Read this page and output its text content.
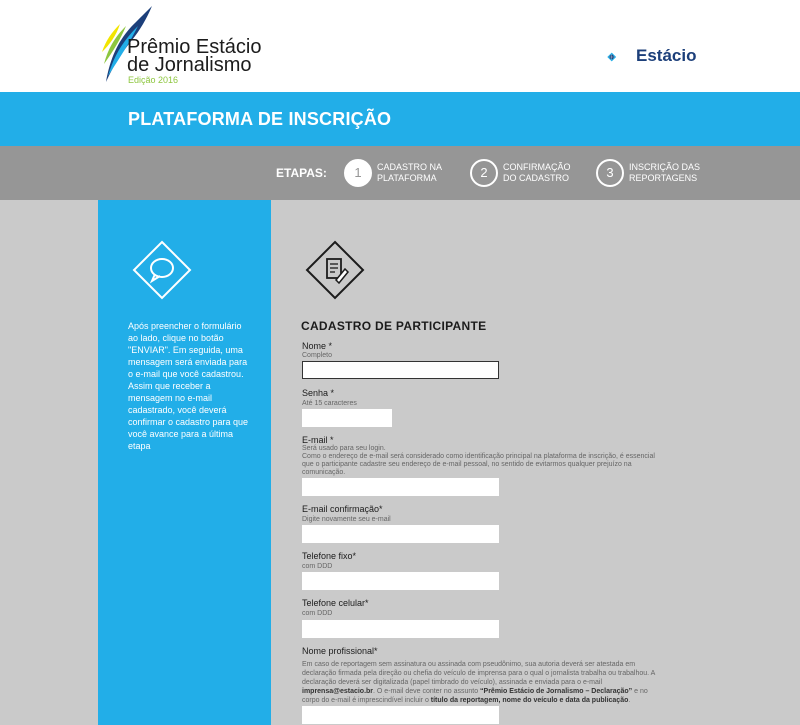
Prêmio Estácio
de Jornalismo
Edição 2016
Estácio
PLATAFORMA DE INSCRIÇÃO
ETAPAS:	1	CADASTRO NA PLATAFORMA	2	CONFIRMAÇÃO DO CADASTRO	3	INSCRIÇÃO DAS REPORTAGENS
Após preencher o formulário ao lado, clique no botão "ENVIAR". Em seguida, uma mensagem será enviada para o e-mail que você cadastrou. Assim que receber a mensagem no e-mail cadastrado, você deverá confirmar o cadastro para que você avance para a última etapa
CADASTRO DE PARTICIPANTE
Nome *
Completo
Senha *
Até 15 caracteres
E-mail *
Será usado para seu login.
Como o endereço de e-mail será considerado como identificação principal na plataforma de inscrição, é essencial que o participante cadastre seu endereço de e-mail pessoal, no sentido de evitarmos qualquer prejuízo na comunicação.
E-mail confirmação*
Digite novamente seu e-mail
Telefone fixo*
com DDD
Telefone celular*
com DDD
Nome profissional*
Em caso de reportagem sem assinatura ou assinada com pseudônimo, sua autoria deverá ser atestada em declaração firmada pela direção ou chefia do veículo de imprensa para o qual o jornalista trabalha ou trabalhou. A declaração deverá ser digitalizada (papel timbrado do veículo), assinada e enviada para o e-mail imprensa@estacio.br. O e-mail deve conter no assunto “Prêmio Estácio de Jornalismo – Declaração” e no corpo do e-mail é imprescindível incluir o título da reportagem, nome do veículo e data da publicação.
